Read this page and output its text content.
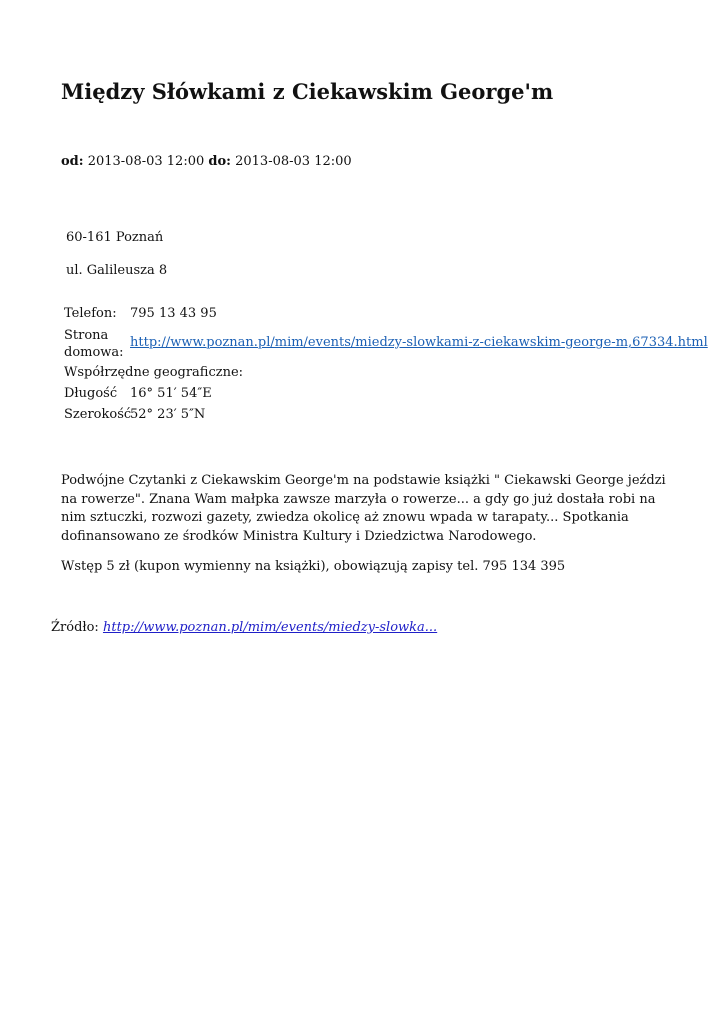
Między Słówkami z Ciekawskim George'm
od: 2013-08-03 12:00 do: 2013-08-03 12:00
60-161 Poznań
ul. Galileusza 8
Telefon:	795 13 43 95
Strona domowa:
http://www.poznan.pl/mim/events/miedzy-slowkami-z-ciekawskim-george-m,67334.html
Współrzędne geograficzne:
Długość 16° 51′ 54″E
Szerokość
52° 23′ 5″N

Podwójne Czytanki z Ciekawskim George'm na podstawie książki " Ciekawski George jeździ na rowerze". Znana Wam małpka zawsze marzyła o rowerze... a gdy go już dostała robi na nim sztuczki, rozwozi gazety, zwiedza okolicę aż znowu wpada w tarapaty... Spotkania dofinansowano ze środków Ministra Kultury i Dziedzictwa Narodowego.

Wstęp 5 zł (kupon wymienny na książki), obowiązują zapisy tel. 795 134 395

Źródło: http://www.poznan.pl/mim/events/miedzy-slowka...
